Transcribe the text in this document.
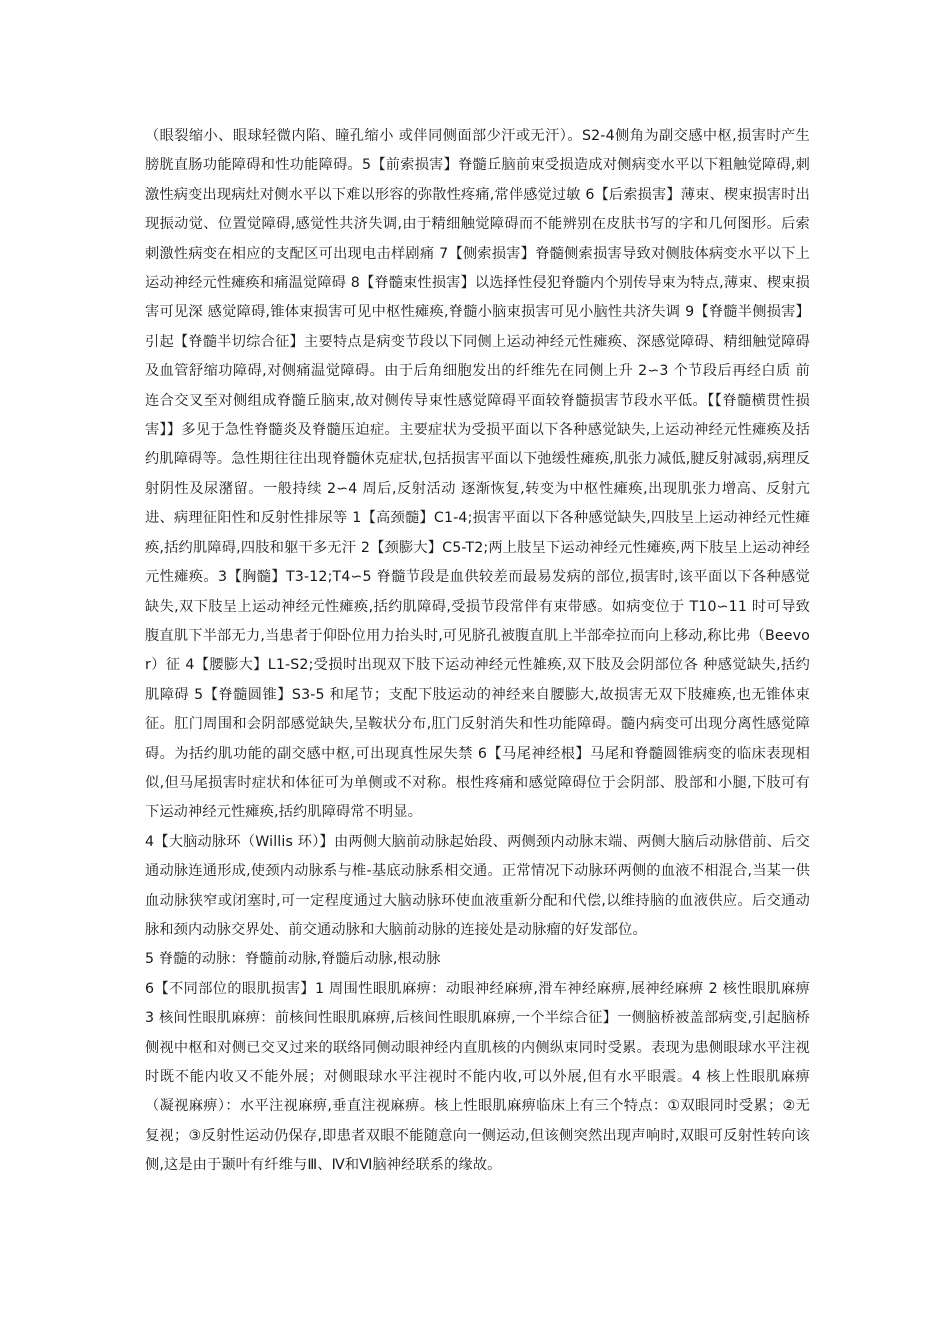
（眼裂缩小、眼球轻微内陷、瞳孔缩小 或伴同侧面部少汗或无汗）。S2-4侧角为副交感中枢,损害时产生膀胱直肠功能障碍和性功能障碍。5【前索损害】脊髓丘脑前束受损造成对侧病变水平以下粗触觉障碍,刺激性病变出现病灶对侧水平以下难以形容的弥散性疼痛,常伴感觉过敏 6【后索损害】薄束、楔束损害时出现振动觉、位置觉障碍,感觉性共济失调,由于精细触觉障碍而不能辨别在皮肤书写的字和几何图形。后索刺激性病变在相应的支配区可出现电击样剧痛 7【侧索损害】脊髓侧索损害导致对侧肢体病变水平以下上运动神经元性瘫痪和痛温觉障碍 8【脊髓束性损害】以选择性侵犯脊髓内个别传导束为特点,薄束、楔束损害可见深 感觉障碍,锥体束损害可见中枢性瘫痪,脊髓小脑束损害可见小脑性共济失调 9【脊髓半侧损害】引起【脊髓半切综合征】主要特点是病变节段以下同侧上运动神经元性瘫痪、深感觉障碍、精细触觉障碍及血管舒缩功障碍,对侧痛温觉障碍。由于后角细胞发出的纤维先在同侧上升 2∽3 个节段后再经白质 前连合交叉至对侧组成脊髓丘脑束,故对侧传导束性感觉障碍平面较脊髓损害节段水平低。【【脊髓横贯性损害】】多见于急性脊髓炎及脊髓压迫症。主要症状为受损平面以下各种感觉缺失,上运动神经元性瘫痪及括约肌障碍等。急性期往往出现脊髓休克症状,包括损害平面以下弛缓性瘫痪,肌张力减低,腱反射减弱,病理反射阴性及尿潴留。一般持续 2∽4 周后,反射活动 逐渐恢复,转变为中枢性瘫痪,出现肌张力增高、反射亢进、病理征阳性和反射性排尿等 1【高颈髓】C1-4;损害平面以下各种感觉缺失,四肢呈上运动神经元性瘫痪,括约肌障碍,四肢和躯干多无汗 2【颈膨大】C5-T2;两上肢呈下运动神经元性瘫痪,两下肢呈上运动神经元性瘫痪。3【胸髓】T3-12;T4∽5 脊髓节段是血供较差而最易发病的部位,损害时,该平面以下各种感觉缺失,双下肢呈上运动神经元性瘫痪,括约肌障碍,受损节段常伴有束带感。如病变位于 T10∽11 时可导致腹直肌下半部无力,当患者于仰卧位用力抬头时,可见脐孔被腹直肌上半部牵拉而向上移动,称比弗（Beevor）征 4【腰膨大】L1-S2;受损时出现双下肢下运动神经元性雑痪,双下肢及会阴部位各 种感觉缺失,括约肌障碍 5【脊髓圆锥】S3-5 和尾节；支配下肢运动的神经来自腰膨大,故损害无双下肢瘫痪,也无锥体束征。肛门周围和会阴部感觉缺失,呈鞍状分布,肛门反射消失和性功能障碍。髓内病变可出现分离性感觉障碍。为括约肌功能的副交感中枢,可出现真性尿失禁 6【马尾神经根】马尾和脊髓圆锥病变的临床表现相似,但马尾损害时症状和体征可为单侧或不对称。根性疼痛和感觉障碍位于会阴部、股部和小腿,下肢可有下运动神经元性瘫痪,括约肌障碍常不明显。

4【大脑动脉环（Willis 环）】由两侧大脑前动脉起始段、两侧颈内动脉末端、两侧大脑后动脉借前、后交通动脉连通形成,使颈内动脉系与椎-基底动脉系相交通。正常情况下动脉环两侧的血液不相混合,当某一供血动脉狭窄或闭塞时,可一定程度通过大脑动脉环使血液重新分配和代偿,以维持脑的血液供应。后交通动脉和颈内动脉交界处、前交通动脉和大脑前动脉的连接处是动脉瘤的好发部位。

5 脊髓的动脉：脊髓前动脉,脊髓后动脉,根动脉

6【不同部位的眼肌损害】1 周围性眼肌麻痹：动眼神经麻痹,滑车神经麻痹,展神经麻痹 2 核性眼肌麻痹 3 核间性眼肌麻痹：前核间性眼肌麻痹,后核间性眼肌麻痹,一个半综合征】一侧脑桥被盖部病变,引起脑桥侧视中枢和对侧已交叉过来的联络同侧动眼神经内直肌核的内侧纵束同时受累。表现为患侧眼球水平注视时既不能内收又不能外展；对侧眼球水平注视时不能内收,可以外展,但有水平眼震。4 核上性眼肌麻痹（凝视麻痹）：水平注视麻痹,垂直注视麻痹。核上性眼肌麻痹临床上有三个特点：①双眼同时受累；②无复视；③反射性运动仍保存,即患者双眼不能随意向一侧运动,但该侧突然出现声响时,双眼可反射性转向该侧,这是由于颞叶有纤维与Ⅲ、Ⅳ和Ⅵ脑神经联系的缘故。
